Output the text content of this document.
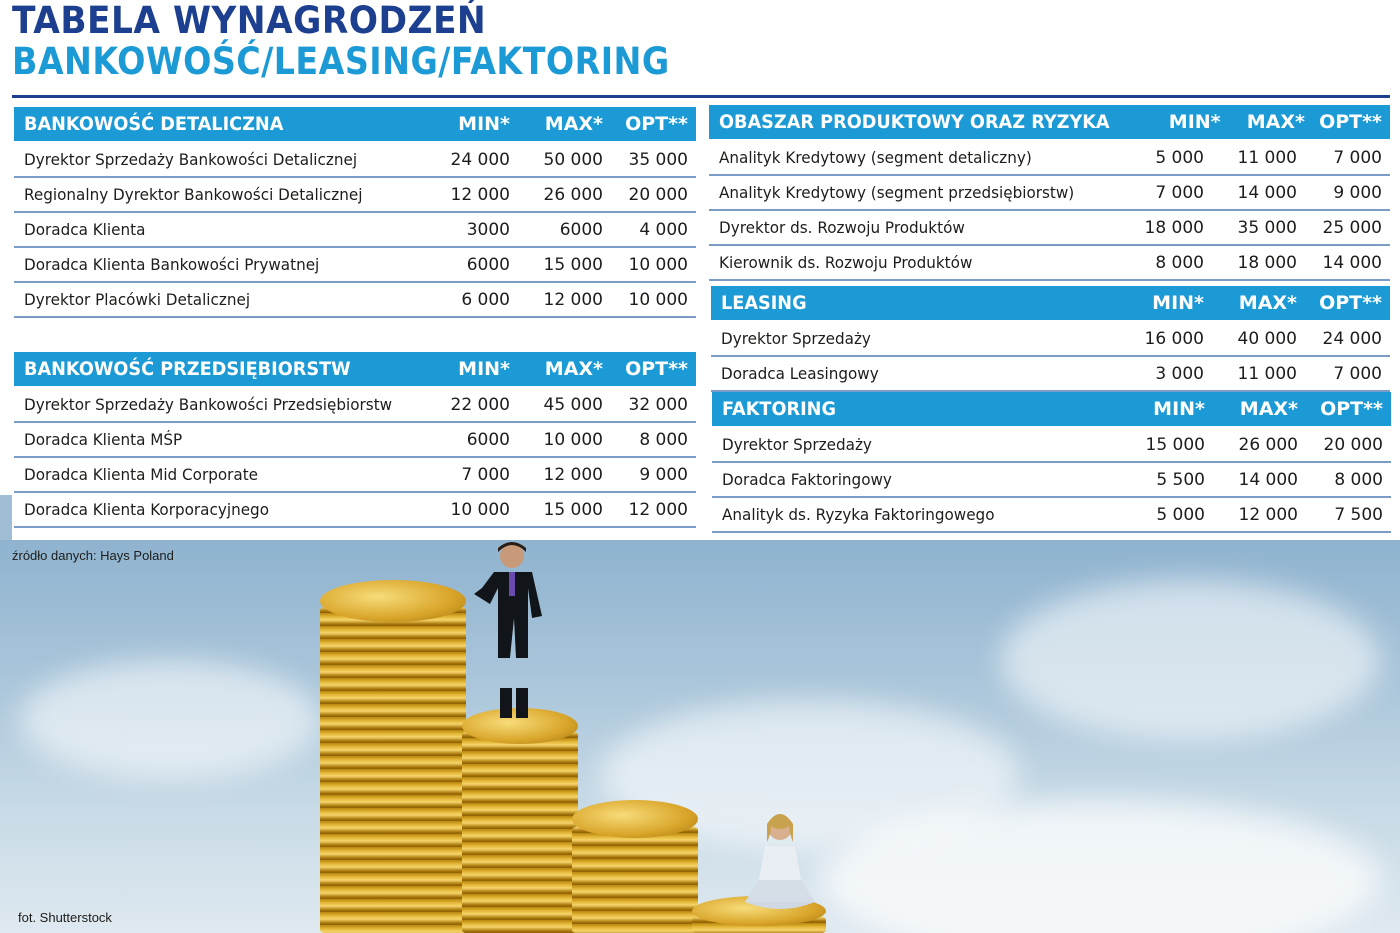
TABELA WYNAGRODZEŃ
BANKOWOŚĆ/LEASING/FAKTORING
BANKOWOŚĆ DETALICZNA	MIN*	MAX*	OPT**
Dyrektor Sprzedaży Bankowości Detalicznej	24 000	50 000	35 000
Regionalny Dyrektor Bankowości Detalicznej	12 000	26 000	20 000
Doradca Klienta	3000	6000	4 000
Doradca Klienta Bankowości Prywatnej	6000	15 000	10 000
Dyrektor Placówki Detalicznej	6 000	12 000	10 000
BANKOWOŚĆ PRZEDSIĘBIORSTW	MIN*	MAX*	OPT**
Dyrektor Sprzedaży Bankowości Przedsiębiorstw	22 000	45 000	32 000
Doradca Klienta MŚP	6000	10 000	8 000
Doradca Klienta Mid Corporate	7 000	12 000	9 000
Doradca Klienta Korporacyjnego	10 000	15 000	12 000
OBASZAR PRODUKTOWY ORAZ RYZYKA	MIN*	MAX* OPT**
Analityk Kredytowy (segment detaliczny)	5 000	11 000	7 000
Analityk Kredytowy (segment przedsiębiorstw)	7 000	14 000	9 000
Dyrektor ds. Rozwoju Produktów	18 000	35 000	25 000
Kierownik ds. Rozwoju Produktów	8 000	18 000	14 000
LEASING	MIN*	MAX*	OPT**
Dyrektor Sprzedaży	16 000	40 000	24 000
Doradca Leasingowy	3 000	11 000	7 000
FAKTORING	MIN*	MAX*	OPT**
Dyrektor Sprzedaży	15 000	26 000	20 000
Doradca Faktoringowy	5 500	14 000	8 000
Analityk ds. Ryzyka Faktoringowego	5 000	12 000	7 500
fot. Shutterstock
źródło danych: Hays Poland
